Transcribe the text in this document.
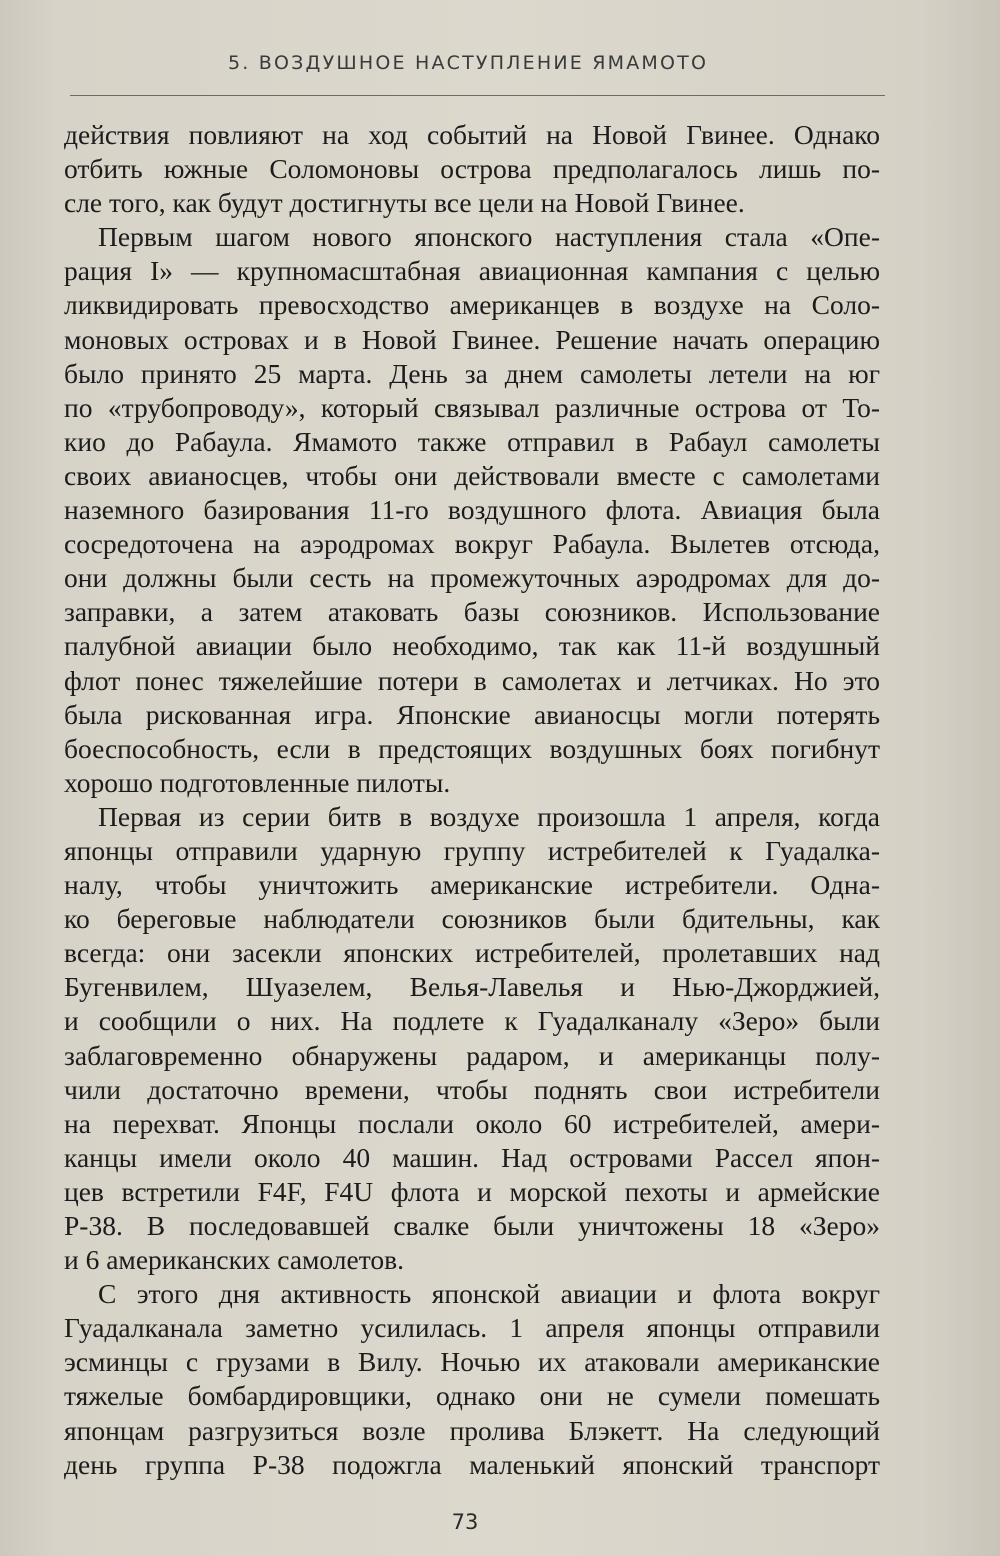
5. ВОЗДУШНОЕ НАСТУПЛЕНИЕ ЯМАМОТО
действия повлияют на ход событий на Новой Гвинее. Однако
отбить южные Соломоновы острова предполагалось лишь по-
сле того, как будут достигнуты все цели на Новой Гвинее.
Первым шагом нового японского наступления стала «Опе-
рация I» — крупномасштабная авиационная кампания с целью
ликвидировать превосходство американцев в воздухе на Соло-
моновых островах и в Новой Гвинее. Решение начать операцию
было принято 25 марта. День за днем самолеты летели на юг
по «трубопроводу», который связывал различные острова от То-
кио до Рабаула. Ямамото также отправил в Рабаул самолеты
своих авианосцев, чтобы они действовали вместе с самолетами
наземного базирования 11-го воздушного флота. Авиация была
сосредоточена на аэродромах вокруг Рабаула. Вылетев отсюда,
они должны были сесть на промежуточных аэродромах для до-
заправки, а затем атаковать базы союзников. Использование
палубной авиации было необходимо, так как 11-й воздушный
флот понес тяжелейшие потери в самолетах и летчиках. Но это
была рискованная игра. Японские авианосцы могли потерять
боеспособность, если в предстоящих воздушных боях погибнут
хорошо подготовленные пилоты.
Первая из серии битв в воздухе произошла 1 апреля, когда
японцы отправили ударную группу истребителей к Гуадалка-
налу, чтобы уничтожить американские истребители. Одна-
ко береговые наблюдатели союзников были бдительны, как
всегда: они засекли японских истребителей, пролетавших над
Бугенвилем, Шуазелем, Велья-Лавелья и Нью-Джорджией,
и сообщили о них. На подлете к Гуадалканалу «Зеро» были
заблаговременно обнаружены радаром, и американцы полу-
чили достаточно времени, чтобы поднять свои истребители
на перехват. Японцы послали около 60 истребителей, амери-
канцы имели около 40 машин. Над островами Рассел япон-
цев встретили F4F, F4U флота и морской пехоты и армейские
P-38. В последовавшей свалке были уничтожены 18 «Зеро»
и 6 американских самолетов.
С этого дня активность японской авиации и флота вокруг
Гуадалканала заметно усилилась. 1 апреля японцы отправили
эсминцы с грузами в Вилу. Ночью их атаковали американские
тяжелые бомбардировщики, однако они не сумели помешать
японцам разгрузиться возле пролива Блэкетт. На следующий
день группа P-38 подожгла маленький японский транспорт
73
